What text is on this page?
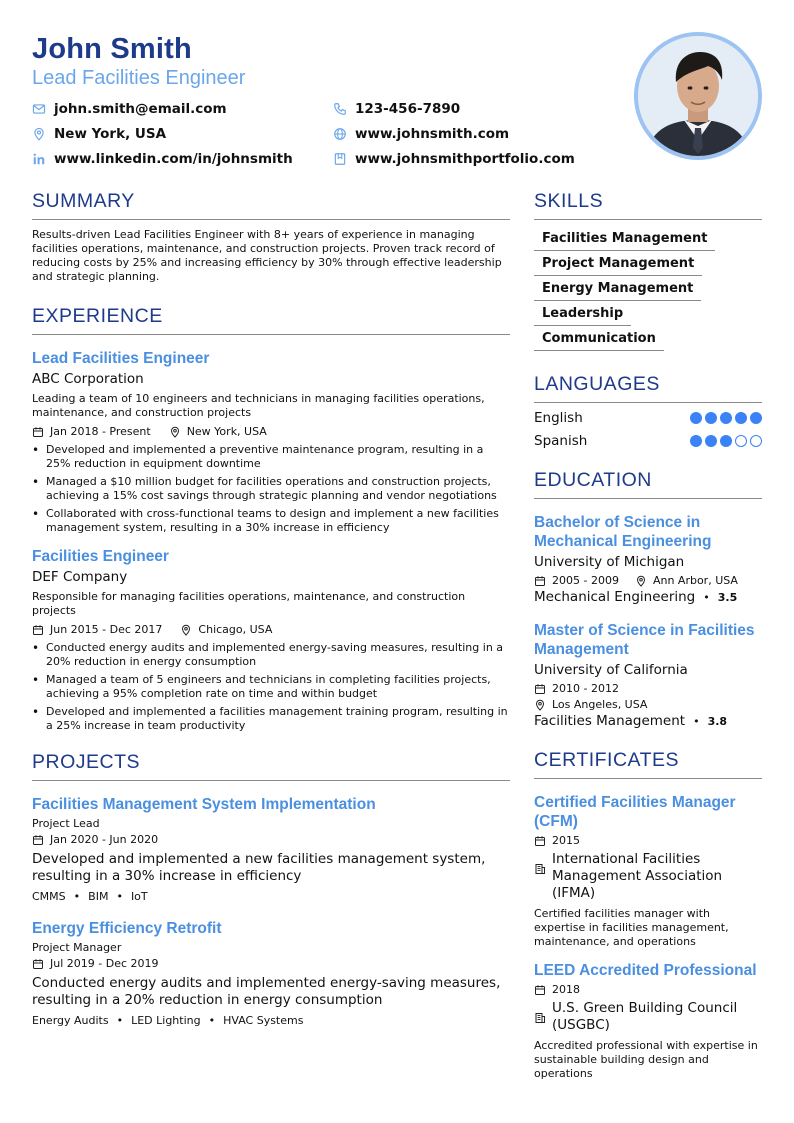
John Smith
Lead Facilities Engineer
john.smith@email.com	123-456-7890
New York, USA	www.johnsmith.com
www.linkedin.com/in/johnsmith	www.johnsmithportfolio.com
SUMMARY
Results-driven Lead Facilities Engineer with 8+ years of experience in managing facilities operations, maintenance, and construction projects. Proven track record of reducing costs by 25% and increasing efficiency by 30% through effective leadership and strategic planning.
EXPERIENCE
Lead Facilities Engineer
ABC Corporation
Leading a team of 10 engineers and technicians in managing facilities operations, maintenance, and construction projects
Jan 2018 - Present	New York, USA
• Developed and implemented a preventive maintenance program, resulting in a 25% reduction in equipment downtime
• Managed a $10 million budget for facilities operations and construction projects, achieving a 15% cost savings through strategic planning and vendor negotiations
• Collaborated with cross-functional teams to design and implement a new facilities management system, resulting in a 30% increase in efficiency
Facilities Engineer
DEF Company
Responsible for managing facilities operations, maintenance, and construction projects
Jun 2015 - Dec 2017	Chicago, USA
• Conducted energy audits and implemented energy-saving measures, resulting in a 20% reduction in energy consumption
• Managed a team of 5 engineers and technicians in completing facilities projects, achieving a 95% completion rate on time and within budget
• Developed and implemented a facilities management training program, resulting in a 25% increase in team productivity
PROJECTS
Facilities Management System Implementation
Project Lead
Jan 2020 - Jun 2020
Developed and implemented a new facilities management system, resulting in a 30% increase in efficiency
CMMS • BIM • IoT
Energy Efficiency Retrofit
Project Manager
Jul 2019 - Dec 2019
Conducted energy audits and implemented energy-saving measures, resulting in a 20% reduction in energy consumption
Energy Audits • LED Lighting • HVAC Systems
SKILLS
Facilities Management
Project Management
Energy Management
Leadership
Communication
LANGUAGES
English
Spanish
EDUCATION
Bachelor of Science in Mechanical Engineering
University of Michigan
2005 - 2009	Ann Arbor, USA
Mechanical Engineering • 3.5
Master of Science in Facilities Management
University of California
2010 - 2012
Los Angeles, USA
Facilities Management • 3.8
CERTIFICATES
Certified Facilities Manager (CFM)
2015
International Facilities Management Association (IFMA)
Certified facilities manager with expertise in facilities management, maintenance, and operations
LEED Accredited Professional
2018
U.S. Green Building Council (USGBC)
Accredited professional with expertise in sustainable building design and operations
